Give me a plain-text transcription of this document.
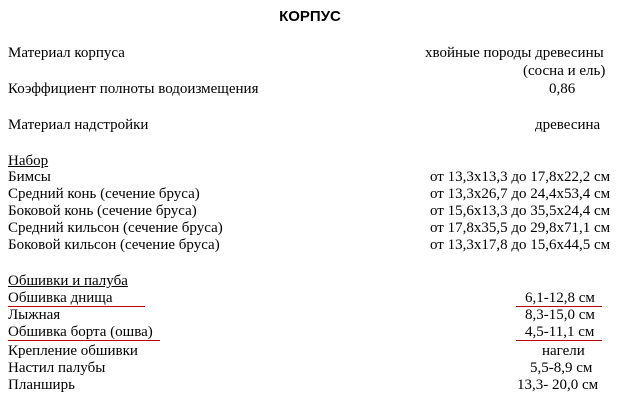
КОРПУС
Материал корпуса	хвойные породы древесины
(сосна и ель)
Коэффициент полноты водоизмещения	0,86
Материал надстройки	древесина
Набор
Бимсы	от 13,3х13,3 до 17,8х22,2 см
Средний конь (сечение бруса)	от 13,3х26,7 до 24,4х53,4 см
Боковой конь (сечение бруса)	от 15,6х13,3 до 35,5х24,4 см
Средний кильсон (сечение бруса)	от 17,8х35,5 до 29,8х71,1 см
Боковой кильсон (сечение бруса)	от 13,3х17,8 до 15,6х44,5 см
Обшивки и палуба
Обшивка днища	6,1-12,8 см
Лыжная	8,3-15,0 см
Обшивка борта (ошва)	4,5-11,1 см
Крепление обшивки	нагели
Настил палубы	5,5-8,9 см
Планширь	13,3- 20,0 см
